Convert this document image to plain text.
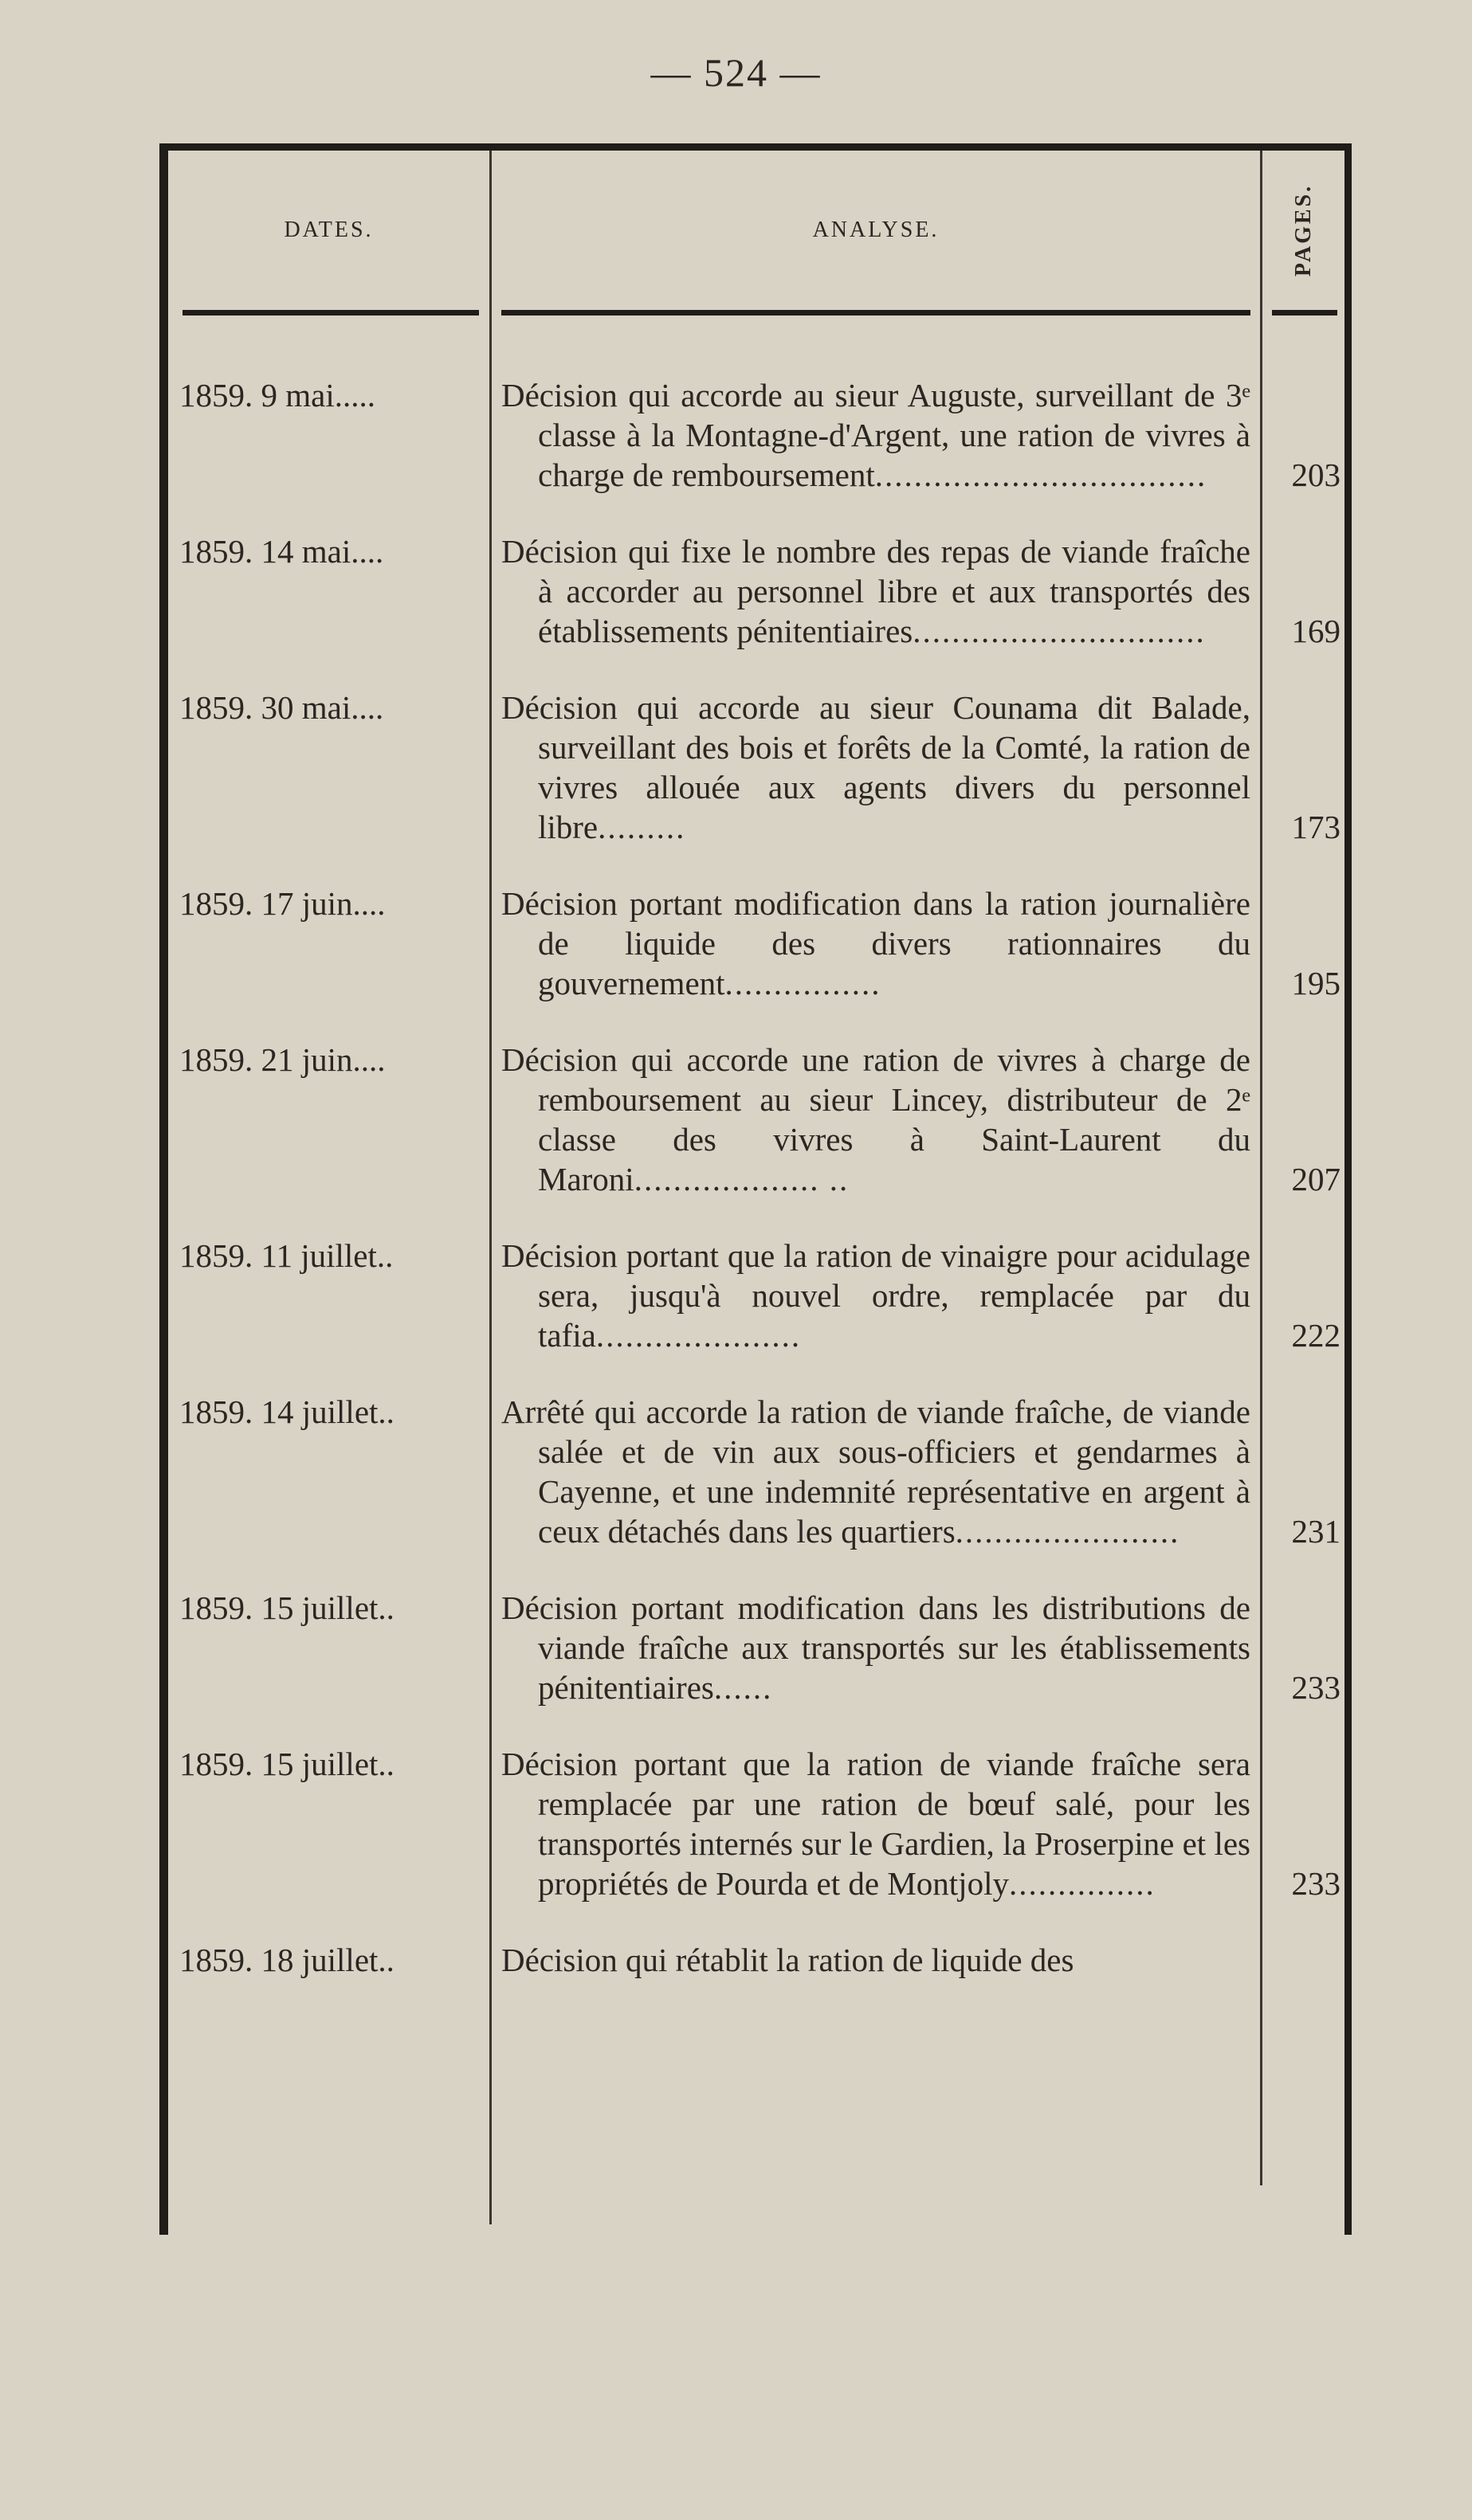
— 524 —
DATES.	ANALYSE.	PAGES.
1859. 9 mai.....	Décision qui accorde au sieur Auguste, surveillant de 3ᵉ classe à la Montagne-d'Argent, une ration de vivres à charge de remboursement..................................	203
1859. 14 mai....	Décision qui fixe le nombre des repas de viande fraîche à accorder au personnel libre et aux transportés des établissements pénitentiaires..............................	169
1859. 30 mai....	Décision qui accorde au sieur Counama dit Balade, surveillant des bois et forêts de la Comté, la ration de vivres allouée aux agents divers du personnel libre.........	173
1859. 17 juin....	Décision portant modification dans la ration journalière de liquide des divers rationnaires du gouvernement................	195
1859. 21 juin....	Décision qui accorde une ration de vivres à charge de remboursement au sieur Lincey, distributeur de 2ᵉ classe des vivres à Saint-Laurent du Maroni................... ..	207
1859. 11 juillet..	Décision portant que la ration de vinaigre pour acidulage sera, jusqu'à nouvel ordre, remplacée par du tafia.....................	222
1859. 14 juillet..	Arrêté qui accorde la ration de viande fraîche, de viande salée et de vin aux sous-officiers et gendarmes à Cayenne, et une indemnité représentative en argent à ceux détachés dans les quartiers.......................	231
1859. 15 juillet..	Décision portant modification dans les distributions de viande fraîche aux transportés sur les établissements pénitentiaires......	233
1859. 15 juillet..	Décision portant que la ration de viande fraîche sera remplacée par une ration de bœuf salé, pour les transportés internés sur le Gardien, la Proserpine et les propriétés de Pourda et de Montjoly...............	233
1859. 18 juillet..	Décision qui rétablit la ration de liquide des
